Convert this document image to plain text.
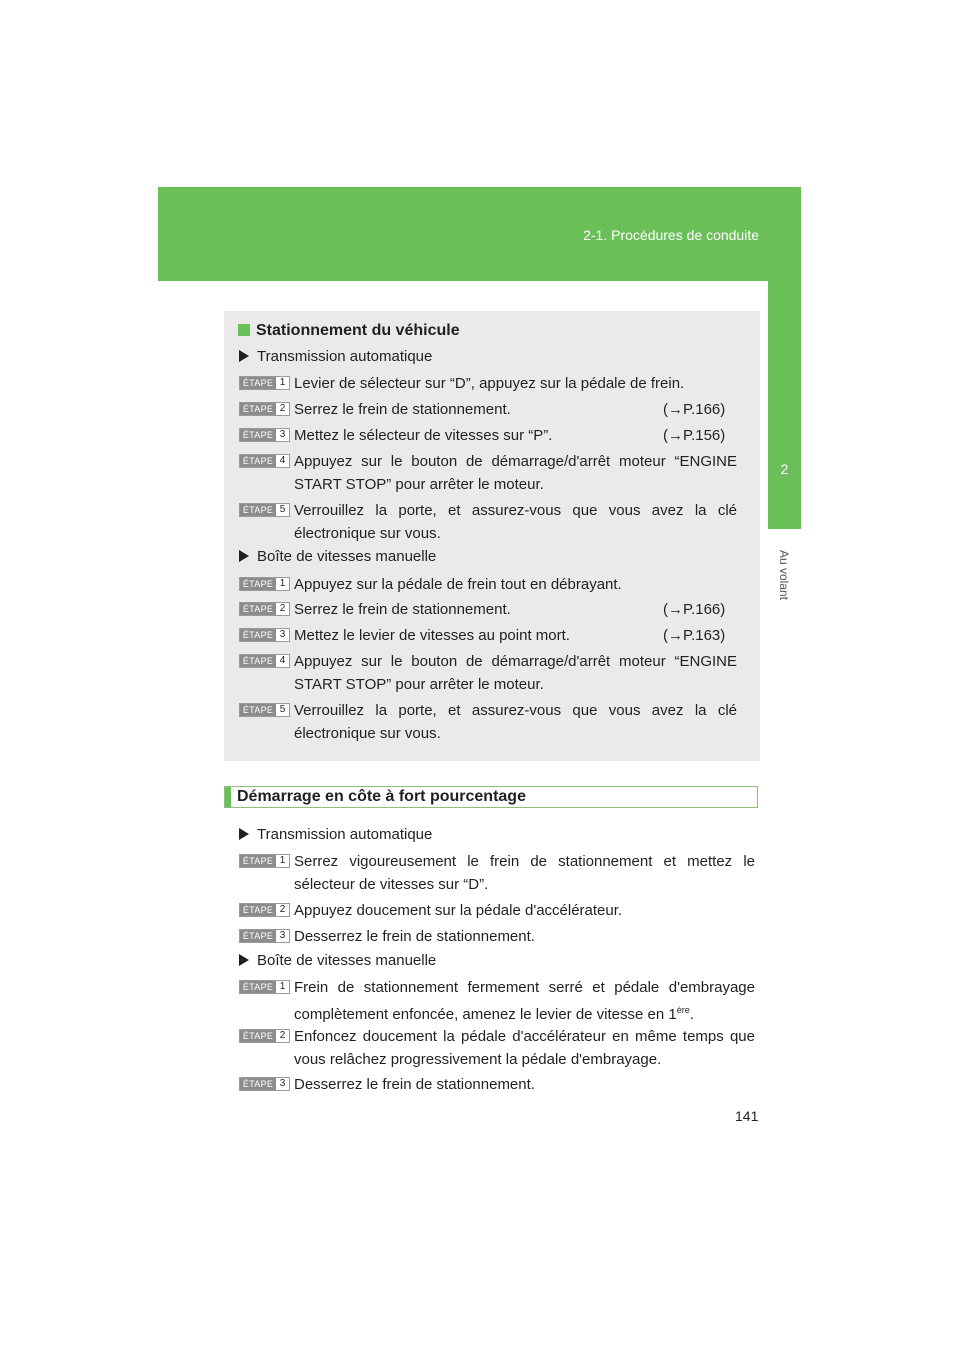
2-1. Procédures de conduite
2
Au volant
Stationnement du véhicule
Transmission automatique
ÉTAPE 1 Levier de sélecteur sur “D”, appuyez sur la pédale de frein.
ÉTAPE 2 Serrez le frein de stationnement.	(→P.166)
ÉTAPE 3 Mettez le sélecteur de vitesses sur “P”.	(→P.156)
ÉTAPE 4 Appuyez sur le bouton de démarrage/d'arrêt moteur “ENGINE START STOP” pour arrêter le moteur.
ÉTAPE 5 Verrouillez la porte, et assurez-vous que vous avez la clé électronique sur vous.
Boîte de vitesses manuelle
ÉTAPE 1 Appuyez sur la pédale de frein tout en débrayant.
ÉTAPE 2 Serrez le frein de stationnement.	(→P.166)
ÉTAPE 3 Mettez le levier de vitesses au point mort.	(→P.163)
ÉTAPE 4 Appuyez sur le bouton de démarrage/d'arrêt moteur “ENGINE START STOP” pour arrêter le moteur.
ÉTAPE 5 Verrouillez la porte, et assurez-vous que vous avez la clé électronique sur vous.
Démarrage en côte à fort pourcentage
Transmission automatique
ÉTAPE 1 Serrez vigoureusement le frein de stationnement et mettez le sélecteur de vitesses sur “D”.
ÉTAPE 2 Appuyez doucement sur la pédale d'accélérateur.
ÉTAPE 3 Desserrez le frein de stationnement.
Boîte de vitesses manuelle
ÉTAPE 1 Frein de stationnement fermement serré et pédale d'embrayage complètement enfoncée, amenez le levier de vitesse en 1ère.
ÉTAPE 2 Enfoncez doucement la pédale d'accélérateur en même temps que vous relâchez progressivement la pédale d'embrayage.
ÉTAPE 3 Desserrez le frein de stationnement.
141
